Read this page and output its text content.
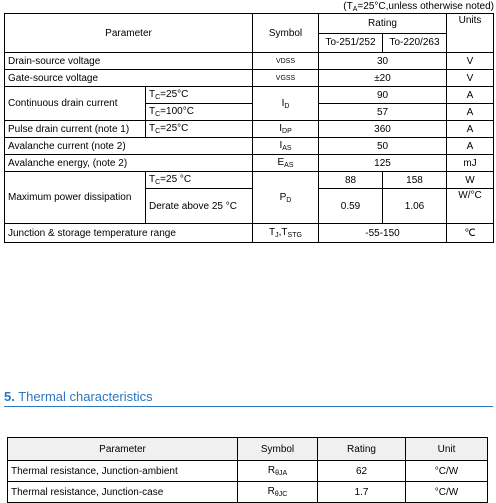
($T_A=25^\circ C,unless$ otherwise noted)
Parameter		Symbol	Rating		Units
			To-251/252	To-220/263	
Drain-source voltage		VDSS	30		V
Gate-source voltage		VGSS	±20		V
Continuous drain current	$T_C=25^\circ C$	$I_D$	90		A
	$T_C=100^\circ C$		57		A
Pulse drain current (note 1)	$T_C=25^\circ C$	$I_{DP}$	360		A
Avalanche current (note 2)		$I_{AS}$	50		A
Avalanche energy, (note 2)		$E_{AS}$	125		mJ
Maximum power dissipation	$T_C=25$ °C	$P_D$	88	158	W
	Derate above 25 °C		0.59	1.06	W/°C
Junction & storage temperature range		$T_J,T_{STG}$	-55-150		℃
5. Thermal characteristics
Parameter	Symbol	Rating	Unit
Thermal resistance, Junction-ambient	$R_{\theta JA}$	62	°C/W
Thermal resistance, Junction-case	$R_{\theta JC}$	1.7	°C/W
